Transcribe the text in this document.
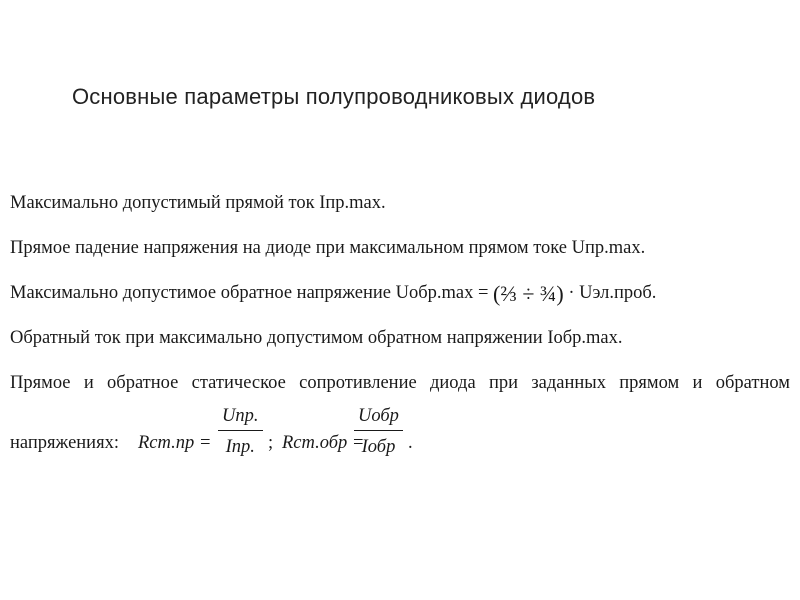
Основные параметры полупроводниковых диодов
Максимально допустимый прямой ток Iпр.max.
Прямое падение напряжения на диоде при максимальном прямом токе Uпр.max.
Максимально допустимое обратное напряжение Uобр.max = (⅔ ÷ ¾) · Uэл.проб.
Обратный ток при максимально допустимом обратном напряжении Iобр.max.
Прямое и обратное статическое сопротивление диода при заданных прямом и обратном
напряжениях: Rст.пр =
Uпр.
Iпр. ; Rст.обр =
Uобр
Iобр .
